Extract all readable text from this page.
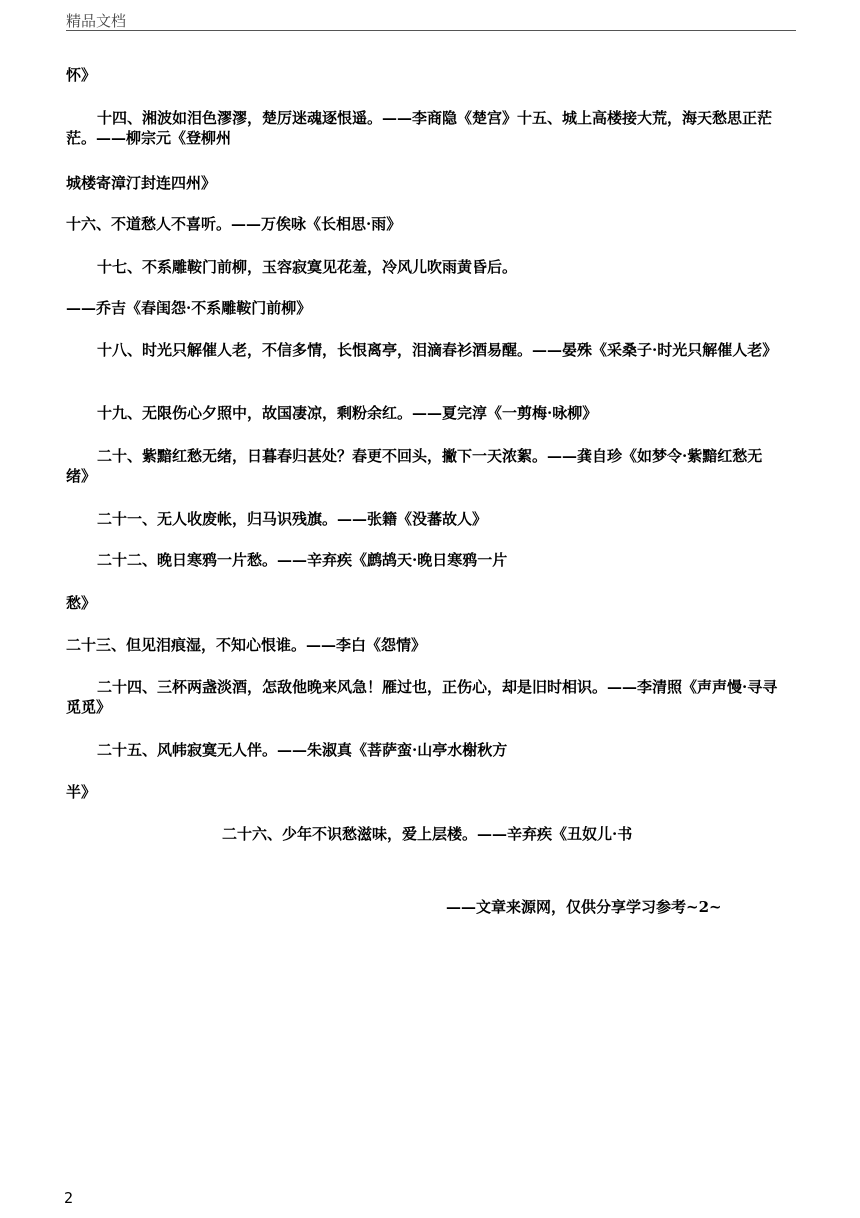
精品文档
怀》
十四、湘波如泪色漻漻，楚厉迷魂逐恨遥。——李商隐《楚宫》十五、城上高楼接大荒，海天愁思正茫茫。——柳宗元《登柳州
城楼寄漳汀封连四州》
十六、不道愁人不喜听。——万俟咏《长相思·雨》
十七、不系雕鞍门前柳，玉容寂寞见花羞，冷风儿吹雨黄昏后。
——乔吉《春闺怨·不系雕鞍门前柳》
十八、时光只解催人老，不信多情，长恨离亭，泪滴春衫酒易醒。——晏殊《采桑子·时光只解催人老》
十九、无限伤心夕照中，故国凄凉，剩粉余红。——夏完淳《一剪梅·咏柳》
二十、紫黯红愁无绪，日暮春归甚处？春更不回头，撇下一天浓絮。——龚自珍《如梦令·紫黯红愁无绪》
二十一、无人收废帐，归马识残旗。——张籍《没蕃故人》
二十二、晚日寒鸦一片愁。——辛弃疾《鹧鸪天·晚日寒鸦一片
愁》
二十三、但见泪痕湿，不知心恨谁。——李白《怨情》
二十四、三杯两盏淡酒，怎敌他晚来风急！雁过也，正伤心，却是旧时相识。——李清照《声声慢·寻寻觅觅》
二十五、风帏寂寞无人伴。——朱淑真《菩萨蛮·山亭水榭秋方
半》
二十六、少年不识愁滋味，爱上层楼。——辛弃疾《丑奴儿·书
——文章来源网，仅供分享学习参考~2~
2
